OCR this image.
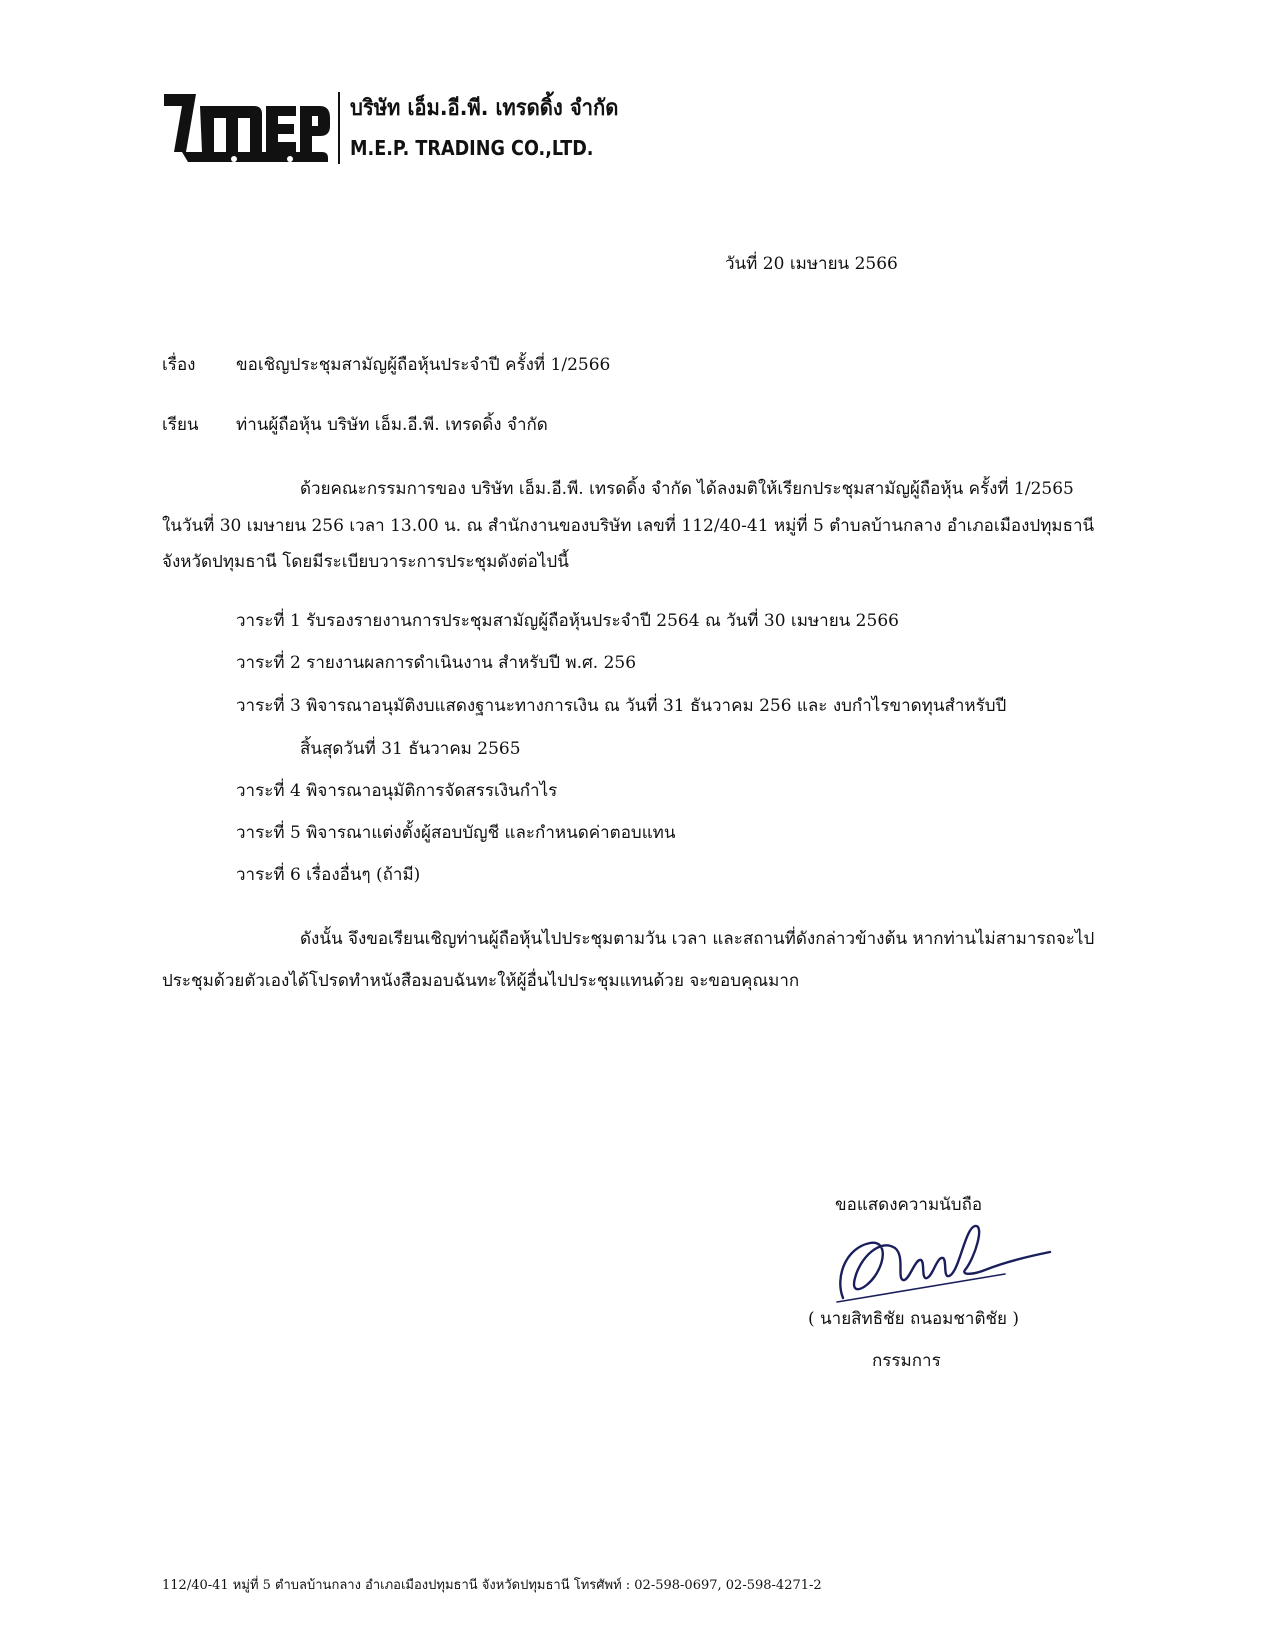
บริษัท เอ็ม.อี.พี. เทรดดิ้ง จำกัด
M.E.P. TRADING CO.,LTD.
วันที่ 20 เมษายน 2566
เรื่อง ขอเชิญประชุมสามัญผู้ถือหุ้นประจำปี ครั้งที่ 1/2566
เรียน ท่านผู้ถือหุ้น บริษัท เอ็ม.อี.พี. เทรดดิ้ง จำกัด
ด้วยคณะกรรมการของ บริษัท เอ็ม.อี.พี. เทรดดิ้ง จำกัด ได้ลงมติให้เรียกประชุมสามัญผู้ถือหุ้น ครั้งที่ 1/2565
ในวันที่ 30 เมษายน 256 เวลา 13.00 น. ณ สำนักงานของบริษัท เลขที่ 112/40-41 หมู่ที่ 5 ตำบลบ้านกลาง อำเภอเมืองปทุมธานี
จังหวัดปทุมธานี โดยมีระเบียบวาระการประชุมดังต่อไปนี้
วาระที่ 1 รับรองรายงานการประชุมสามัญผู้ถือหุ้นประจำปี 2564 ณ วันที่ 30 เมษายน 2566
วาระที่ 2 รายงานผลการดำเนินงาน สำหรับปี พ.ศ. 256
วาระที่ 3 พิจารณาอนุมัติงบแสดงฐานะทางการเงิน ณ วันที่ 31 ธันวาคม 256 และ งบกำไรขาดทุนสำหรับปี
สิ้นสุดวันที่ 31 ธันวาคม 2565
วาระที่ 4 พิจารณาอนุมัติการจัดสรรเงินกำไร
วาระที่ 5 พิจารณาแต่งตั้งผู้สอบบัญชี และกำหนดค่าตอบแทน
วาระที่ 6 เรื่องอื่นๆ (ถ้ามี)
ดังนั้น จึงขอเรียนเชิญท่านผู้ถือหุ้นไปประชุมตามวัน เวลา และสถานที่ดังกล่าวข้างต้น หากท่านไม่สามารถจะไป
ประชุมด้วยตัวเองได้โปรดทำหนังสือมอบฉันทะให้ผู้อื่นไปประชุมแทนด้วย จะขอบคุณมาก
ขอแสดงความนับถือ
( นายสิทธิชัย ถนอมชาติชัย )
กรรมการ
112/40-41 หมู่ที่ 5 ตำบลบ้านกลาง อำเภอเมืองปทุมธานี จังหวัดปทุมธานี โทรศัพท์ : 02-598-0697, 02-598-4271-2
